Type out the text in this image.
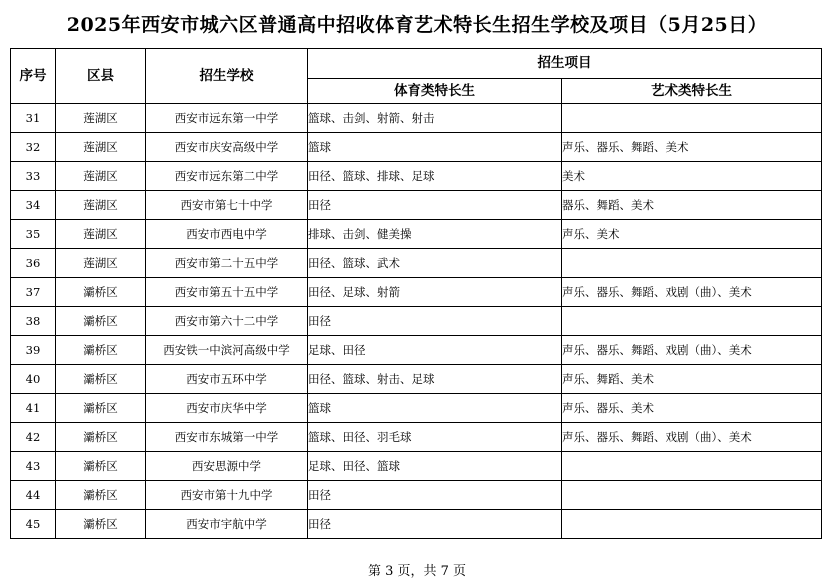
2025年西安市城六区普通高中招收体育艺术特长生招生学校及项目（5月25日）
序号	区县	招生学校	招生项目	
			体育类特长生	艺术类特长生
31	莲湖区	西安市远东第一中学	篮球、击剑、射箭、射击	
32	莲湖区	西安市庆安高级中学	篮球	声乐、器乐、舞蹈、美术
33	莲湖区	西安市远东第二中学	田径、篮球、排球、足球	美术
34	莲湖区	西安市第七十中学	田径	器乐、舞蹈、美术
35	莲湖区	西安市西电中学	排球、击剑、健美操	声乐、美术
36	莲湖区	西安市第二十五中学	田径、篮球、武术	
37	灞桥区	西安市第五十五中学	田径、足球、射箭	声乐、器乐、舞蹈、戏剧（曲）、美术
38	灞桥区	西安市第六十二中学	田径	
39	灞桥区	西安铁一中滨河高级中学	足球、田径	声乐、器乐、舞蹈、戏剧（曲）、美术
40	灞桥区	西安市五环中学	田径、篮球、射击、足球	声乐、舞蹈、美术
41	灞桥区	西安市庆华中学	篮球	声乐、器乐、美术
42	灞桥区	西安市东城第一中学	篮球、田径、羽毛球	声乐、器乐、舞蹈、戏剧（曲）、美术
43	灞桥区	西安思源中学	足球、田径、篮球	
44	灞桥区	西安市第十九中学	田径	
45	灞桥区	西安市宇航中学	田径	
第 3 页，共 7 页
